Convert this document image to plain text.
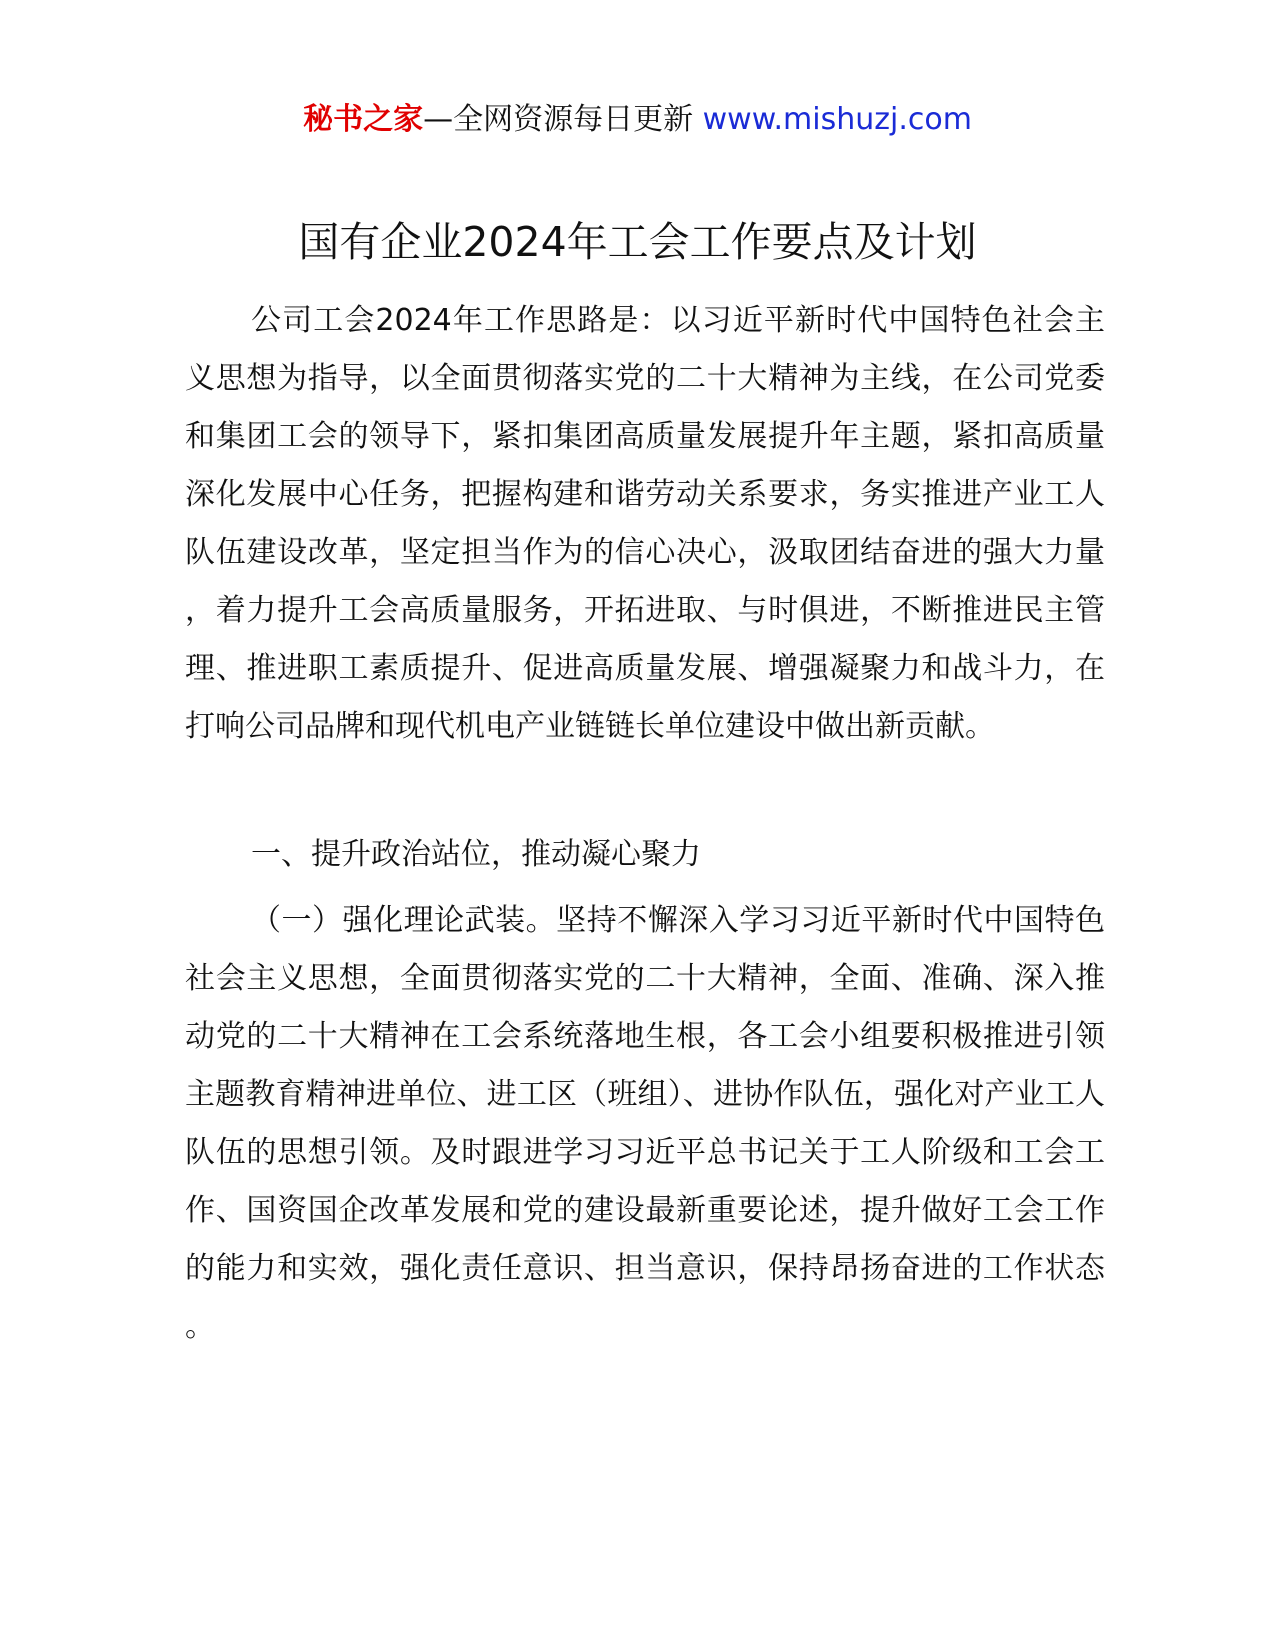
秘书之家—全网资源每日更新 www.mishuzj.com
国有企业2024年工会工作要点及计划

公司工会2024年工作思路是：以习近平新时代中国特色社会主义思想为指导，以全面贯彻落实党的二十大精神为主线，在公司党委和集团工会的领导下，紧扣集团高质量发展提升年主题，紧扣高质量深化发展中心任务，把握构建和谐劳动关系要求，务实推进产业工人队伍建设改革，坚定担当作为的信心决心，汲取团结奋进的强大力量，着力提升工会高质量服务，开拓进取、与时俱进，不断推进民主管理、推进职工素质提升、促进高质量发展、增强凝聚力和战斗力，在打响公司品牌和现代机电产业链链长单位建设中做出新贡献。

一、提升政治站位，推动凝心聚力

（一）强化理论武装。坚持不懈深入学习习近平新时代中国特色社会主义思想，全面贯彻落实党的二十大精神，全面、准确、深入推动党的二十大精神在工会系统落地生根，各工会小组要积极推进引领主题教育精神进单位、进工区（班组）、进协作队伍，强化对产业工人队伍的思想引领。及时跟进学习习近平总书记关于工人阶级和工会工作、国资国企改革发展和党的建设最新重要论述，提升做好工会工作的能力和实效，强化责任意识、担当意识，保持昂扬奋进的工作状态。
